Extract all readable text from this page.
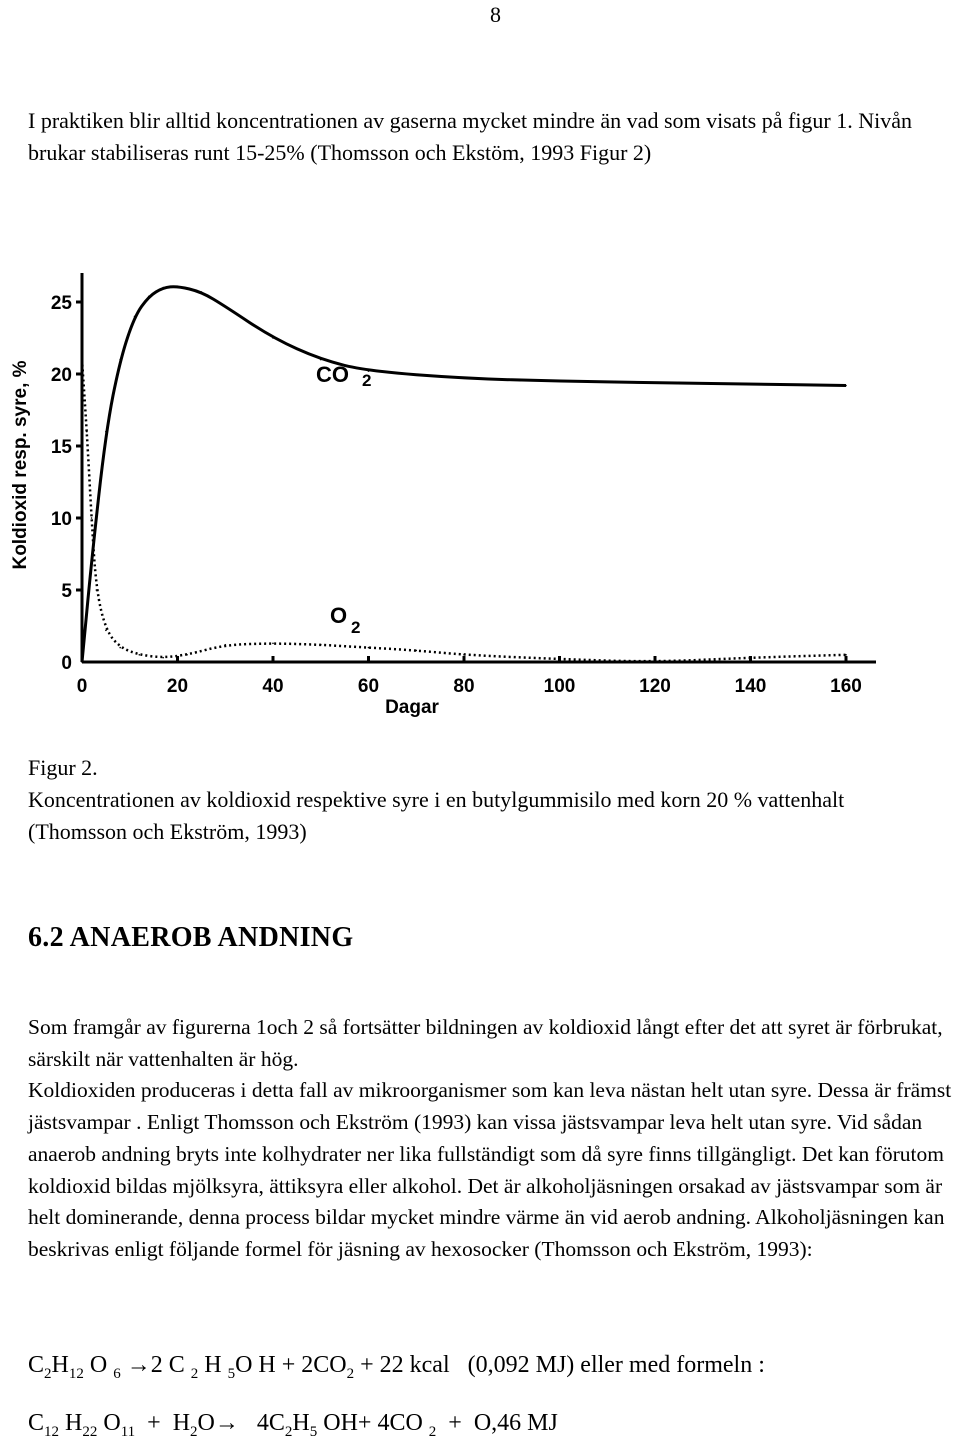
8

I praktiken blir alltid koncentrationen av gaserna mycket mindre än vad som visats på figur 1. Nivån brukar stabiliseras runt 15-25% (Thomsson och Ekstöm, 1993 Figur 2)

25
20
15
10
5
0
0	20	40	60	80	100	120	140	160
Dagar
Koldioxid resp. syre, %	CO 2
O 2
Figur 2.
Koncentrationen av koldioxid respektive syre i en butylgummisilo med korn 20 % vattenhalt (Thomsson och Ekström, 1993)
6.2 ANAEROB ANDNING

Som framgår av figurerna 1och 2 så fortsätter bildningen av koldioxid långt efter det att syret är förbrukat, särskilt när vattenhalten är hög.

Koldioxiden produceras i detta fall av mikroorganismer som kan leva nästan helt utan syre. Dessa är främst jästsvampar . Enligt Thomsson och Ekström (1993) kan vissa jästsvampar leva helt utan syre. Vid sådan anaerob andning bryts inte kolhydrater ner lika fullständigt som då syre finns tillgängligt. Det kan förutom koldioxid bildas mjölksyra, ättiksyra eller alkohol. Det är alkoholjäsningen orsakad av jästsvampar som är helt dominerande, denna process bildar mycket mindre värme än vid aerob andning. Alkoholjäsningen kan beskrivas enligt följande formel för jäsning av hexosocker (Thomsson och Ekström, 1993):

$C_2H_{12}$ O $_6$ →2 C $_2$ H $_5$O $H + 2CO_2 + 22$ kcal (0,092 MJ) eller med formeln :
$C_{12}$ $H_{22}$ $O_{11} + H_2O\to 4C_2H_5$ OH+ 4CO $_2$ + O,46 MJ
